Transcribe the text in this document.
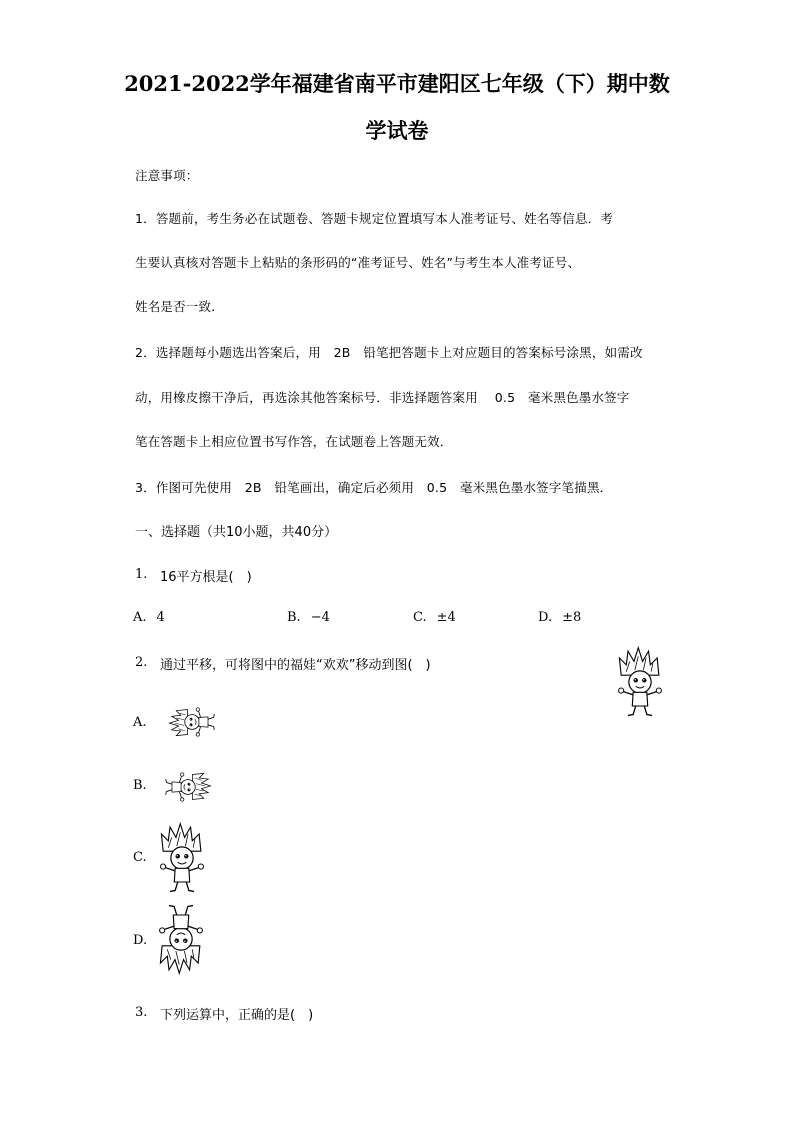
2021-2022学年福建省南平市建阳区七年级（下）期中数
学试卷
注意事项：
1．答题前，考生务必在试题卷、答题卡规定位置填写本人准考证号、姓名等信息．考
生要认真核对答题卡上粘贴的条形码的“准考证号、姓名”与考生本人准考证号、
姓名是否一致．
2．选择题每小题选出答案后，用　2B　铅笔把答题卡上对应题目的答案标号涂黑，如需改
动，用橡皮擦干净后，再选涂其他答案标号．非选择题答案用　 0.5　毫米黑色墨水签字
笔在答题卡上相应位置书写作答，在试题卷上答题无效．
3．作图可先使用　2B　铅笔画出，确定后必须用　0.5　毫米黑色墨水签字笔描黑．
一、选择题（共10小题，共40分）
1. 16平方根是(　)
A. 4	B. −4	C. ±4	D. ±8
2. 通过平移，可将图中的福娃“欢欢”移动到图(　)
A.
B.
C.
D.
3. 下列运算中，正确的是(　)
